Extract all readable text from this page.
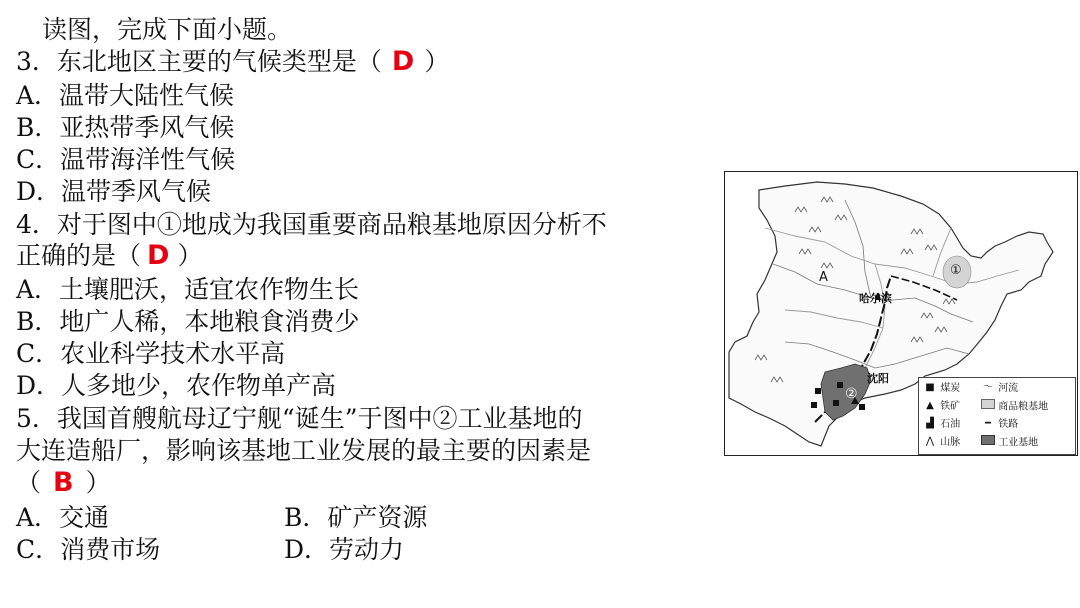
读图，完成下面小题。
3．东北地区主要的气候类型是（ D ）
A．温带大陆性气候
B．亚热带季风气候
C．温带海洋性气候
D．温带季风气候
4．对于图中①地成为我国重要商品粮基地原因分析不
正确的是（ D ）
A．土壤肥沃，适宜农作物生长
B．地广人稀，本地粮食消费少
C．农业科学技术水平高
D．人多地少，农作物单产高
5．我国首艘航母辽宁舰“诞生”于图中②工业基地的
大连造船厂，影响该基地工业发展的最主要的因素是
（ B ）
A．交通	B．矿产资源
C．消费市场	D．劳动力
A
哈尔滨
沈阳
①
②	■ 煤炭 〜 河流
▲ 铁矿	商品粮基地
▟ 石油	━ 铁路
⋀ 山脉	工业基地
